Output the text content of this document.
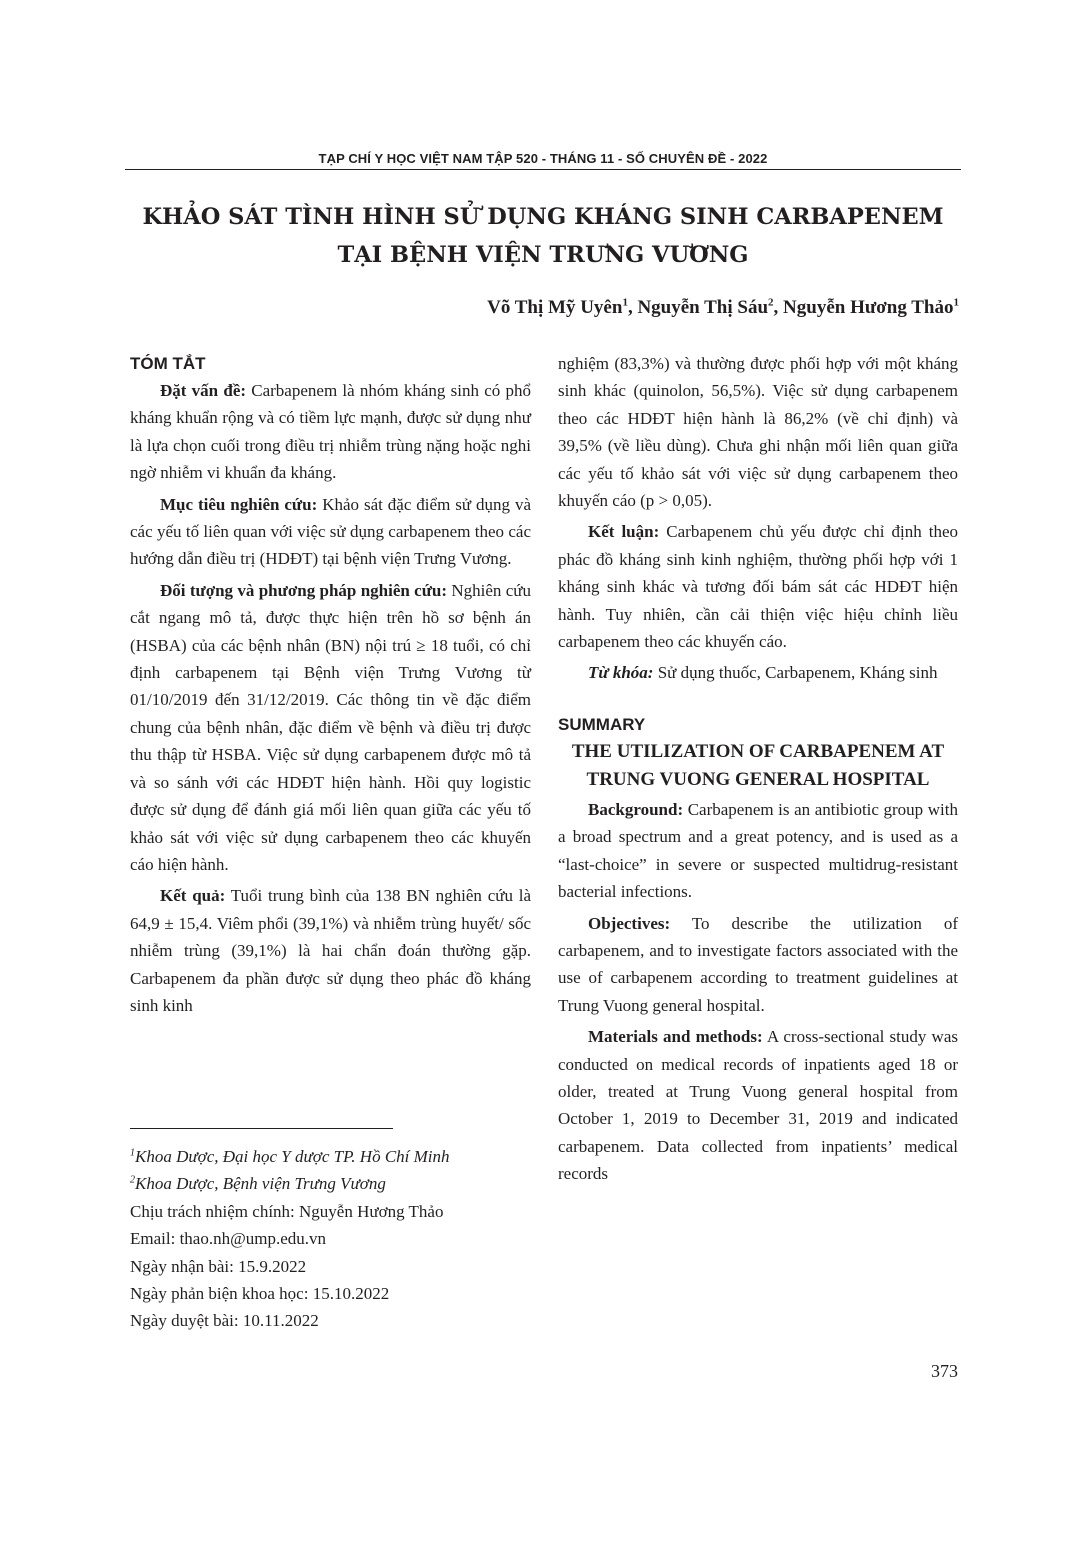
TẠP CHÍ Y HỌC VIỆT NAM TẬP 520 - THÁNG 11 - SỐ CHUYÊN ĐỀ - 2022
KHẢO SÁT TÌNH HÌNH SỬ DỤNG KHÁNG SINH CARBAPENEM
TẠI BỆNH VIỆN TRƯNG VƯƠNG
Võ Thị Mỹ Uyên$^1$, Nguyễn Thị Sáu$^2$, Nguyễn Hương Thảo$^1$
TÓM TẮT

Đặt vấn đề: Carbapenem là nhóm kháng sinh có phổ kháng khuẩn rộng và có tiềm lực mạnh, được sử dụng như là lựa chọn cuối trong điều trị nhiễm trùng nặng hoặc nghi ngờ nhiễm vi khuẩn đa kháng.

Mục tiêu nghiên cứu: Khảo sát đặc điểm sử dụng và các yếu tố liên quan với việc sử dụng carbapenem theo các hướng dẫn điều trị (HDĐT) tại bệnh viện Trưng Vương.

Đối tượng và phương pháp nghiên cứu: Nghiên cứu cắt ngang mô tả, được thực hiện trên hồ sơ bệnh án (HSBA) của các bệnh nhân (BN) nội trú ≥ 18 tuổi, có chỉ định carbapenem tại Bệnh viện Trưng Vương từ 01/10/2019 đến 31/12/2019. Các thông tin về đặc điểm chung của bệnh nhân, đặc điểm về bệnh và điều trị được thu thập từ HSBA. Việc sử dụng carbapenem được mô tả và so sánh với các HDĐT hiện hành. Hồi quy logistic được sử dụng để đánh giá mối liên quan giữa các yếu tố khảo sát với việc sử dụng carbapenem theo các khuyến cáo hiện hành.

Kết quả: Tuổi trung bình của 138 BN nghiên cứu là 64,9 ± 15,4. Viêm phổi (39,1%) và nhiễm trùng huyết/ sốc nhiễm trùng (39,1%) là hai chẩn đoán thường gặp. Carbapenem đa phần được sử dụng theo phác đồ kháng sinh kinh

$^1$Khoa Dược, Đại học Y dược TP. Hồ Chí Minh
$^2$Khoa Dược, Bệnh viện Trưng Vương
Chịu trách nhiệm chính: Nguyễn Hương Thảo
Email: thao.nh@ump.edu.vn
Ngày nhận bài: 15.9.2022
Ngày phản biện khoa học: 15.10.2022
Ngày duyệt bài: 10.11.2022

nghiệm (83,3%) và thường được phối hợp với một kháng sinh khác (quinolon, 56,5%). Việc sử dụng carbapenem theo các HDĐT hiện hành là 86,2% (về chỉ định) và 39,5% (về liều dùng). Chưa ghi nhận mối liên quan giữa các yếu tố khảo sát với việc sử dụng carbapenem theo khuyến cáo (p > 0,05).

Kết luận: Carbapenem chủ yếu được chỉ định theo phác đồ kháng sinh kinh nghiệm, thường phối hợp với 1 kháng sinh khác và tương đối bám sát các HDĐT hiện hành. Tuy nhiên, cần cải thiện việc hiệu chỉnh liều carbapenem theo các khuyến cáo.

Từ khóa: Sử dụng thuốc, Carbapenem, Kháng sinh

SUMMARY
THE UTILIZATION OF CARBAPENEM AT TRUNG VUONG GENERAL HOSPITAL

Background: Carbapenem is an antibiotic group with a broad spectrum and a great potency, and is used as a “last-choice” in severe or suspected multidrug-resistant bacterial infections.

Objectives: To describe the utilization of carbapenem, and to investigate factors associated with the use of carbapenem according to treatment guidelines at Trung Vuong general hospital.

Materials and methods: A cross-sectional study was conducted on medical records of inpatients aged 18 or older, treated at Trung Vuong general hospital from October 1, 2019 to December 31, 2019 and indicated carbapenem. Data collected from inpatients’ medical records

373
